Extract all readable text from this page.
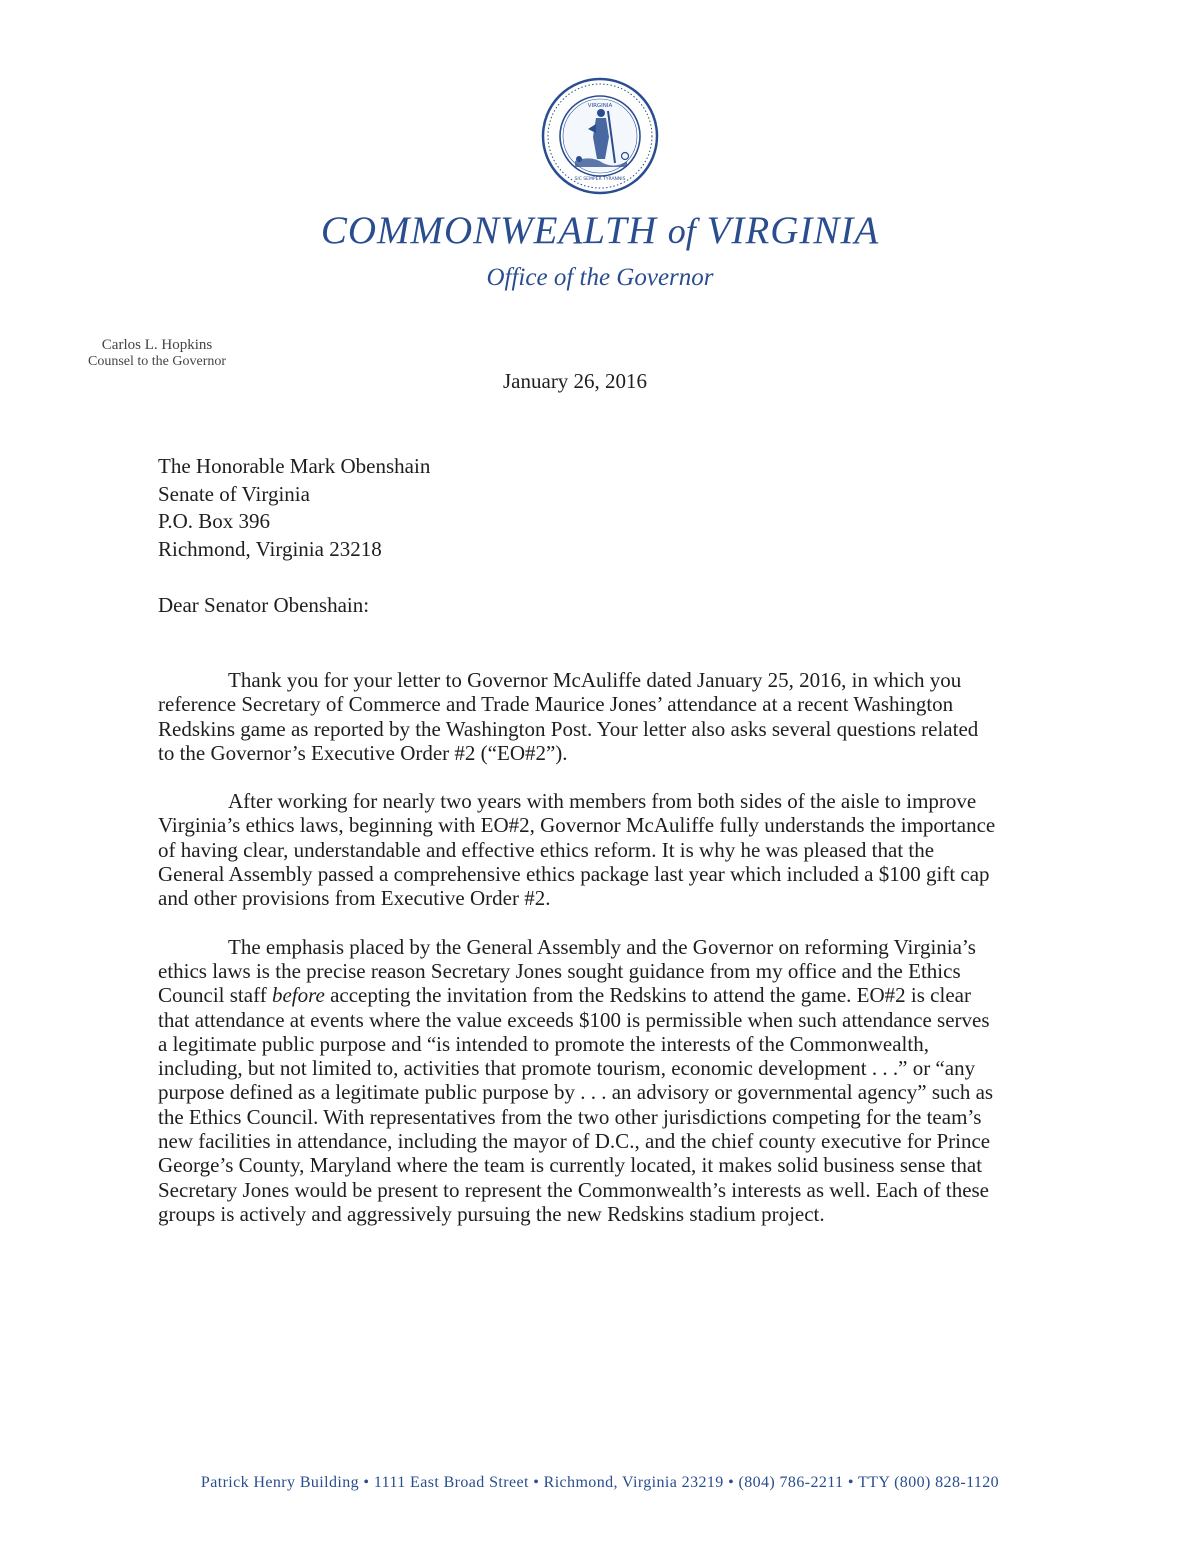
VIRGINIA
SIC SEMPER TYRANNIS
COMMONWEALTH of VIRGINIA
Office of the Governor
Carlos L. Hopkins
Counsel to the Governor
January 26, 2016
The Honorable Mark Obenshain
Senate of Virginia
P.O. Box 396
Richmond, Virginia 23218
Dear Senator Obenshain:

Thank you for your letter to Governor McAuliffe dated January 25, 2016, in which you reference Secretary of Commerce and Trade Maurice Jones’ attendance at a recent Washington Redskins game as reported by the Washington Post. Your letter also asks several questions related to the Governor’s Executive Order #2 (“EO#2”).

After working for nearly two years with members from both sides of the aisle to improve Virginia’s ethics laws, beginning with EO#2, Governor McAuliffe fully understands the importance of having clear, understandable and effective ethics reform. It is why he was pleased that the General Assembly passed a comprehensive ethics package last year which included a $100 gift cap and other provisions from Executive Order #2.

The emphasis placed by the General Assembly and the Governor on reforming Virginia’s ethics laws is the precise reason Secretary Jones sought guidance from my office and the Ethics Council staff before accepting the invitation from the Redskins to attend the game. EO#2 is clear that attendance at events where the value exceeds $100 is permissible when such attendance serves a legitimate public purpose and “is intended to promote the interests of the Commonwealth, including, but not limited to, activities that promote tourism, economic development . . .” or “any purpose defined as a legitimate public purpose by . . . an advisory or governmental agency” such as the Ethics Council. With representatives from the two other jurisdictions competing for the team’s new facilities in attendance, including the mayor of D.C., and the chief county executive for Prince George’s County, Maryland where the team is currently located, it makes solid business sense that Secretary Jones would be present to represent the Commonwealth’s interests as well. Each of these groups is actively and aggressively pursuing the new Redskins stadium project.

Patrick Henry Building • 1111 East Broad Street • Richmond, Virginia 23219 • (804) 786-2211 • TTY (800) 828-1120
